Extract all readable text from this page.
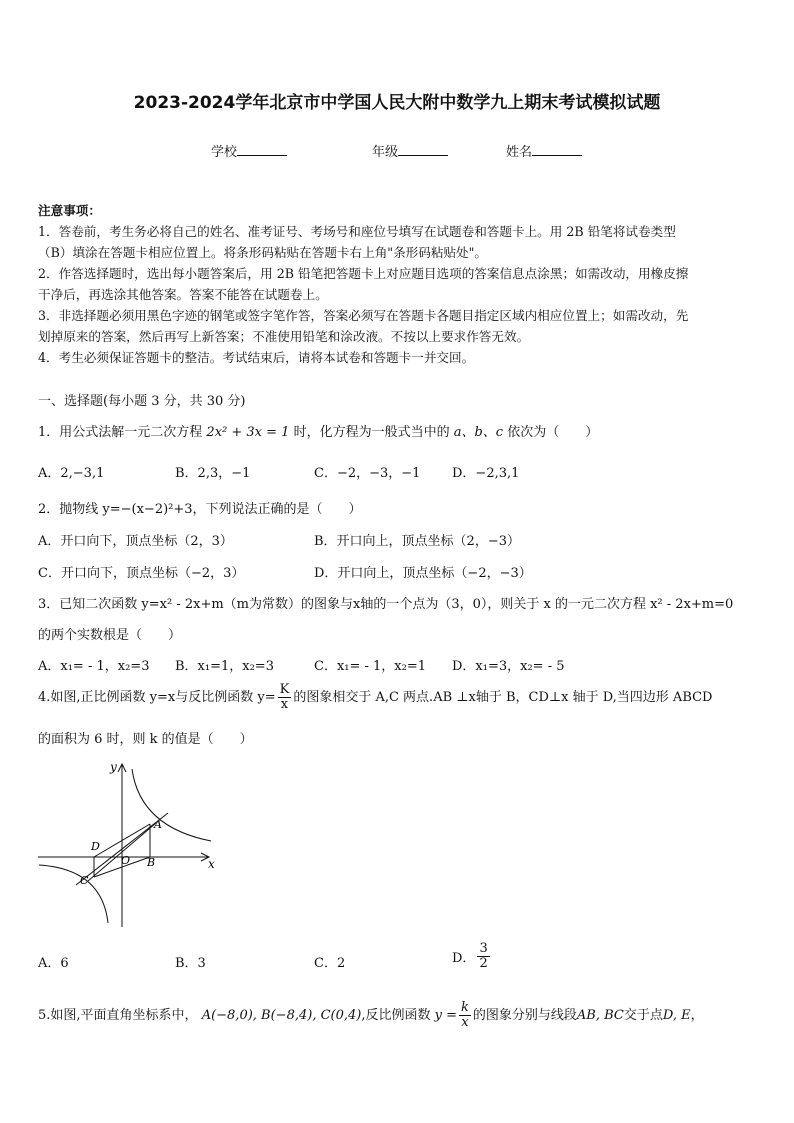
2023-2024学年北京市中学国人民大附中数学九上期末考试模拟试题
学校	年级	姓名
注意事项：
1．答卷前，考生务必将自己的姓名、准考证号、考场号和座位号填写在试题卷和答题卡上。用 2B 铅笔将试卷类型
（B）填涂在答题卡相应位置上。将条形码粘贴在答题卡右上角"条形码粘贴处"。
2．作答选择题时，选出每小题答案后，用 2B 铅笔把答题卡上对应题目选项的答案信息点涂黑；如需改动，用橡皮擦
干净后，再选涂其他答案。答案不能答在试题卷上。
3．非选择题必须用黑色字迹的钢笔或签字笔作答，答案必须写在答题卡各题目指定区域内相应位置上；如需改动，先
划掉原来的答案，然后再写上新答案；不准使用铅笔和涂改液。不按以上要求作答无效。
4．考生必须保证答题卡的整洁。考试结束后，请将本试卷和答题卡一并交回。
一、选择题(每小题 3 分，共 30 分)
1．用公式法解一元二次方程 2x² + 3x = 1 时，化方程为一般式当中的 a、b、c 依次为（　　）
A．2,−3,1	B．2,3，−1	C．−2，−3，−1 D．−2,3,1
2．抛物线 y=−(x−2)²+3，下列说法正确的是（　　）
A．开口向下，顶点坐标（2，3）	B．开口向上，顶点坐标（2，−3）
C．开口向下，顶点坐标（−2，3）	D．开口向上，顶点坐标（−2，−3）
3．已知二次函数 y=x² - 2x+m（m为常数）的图象与x轴的一个点为（3，0），则关于 x 的一元二次方程 x² - 2x+m=0
的两个实数根是（　　）
A．x₁= - 1，x₂=3 B．x₁=1，x₂=3	C．x₁= - 1，x₂=1 D．x₁=3，x₂= - 5
4.如图,正比例函数 y=x与反比例函数 $y= \frac{K}{x}$ 的图象相交于 A,C 两点.AB ⊥x轴于 B，CD⊥x 轴于 D,当四边形 ABCD
的面积为 6 时，则 k 的值是（　　）
y
x
A
B
C
D
O
A．6	B．3	C．2	D． $\frac{3}{2}$
5.如图,平面直角坐标系中， A(−8,0), B(−8,4), C(0,4),反比例函数 $y = \frac{k}{x}$ 的图象分别与线段AB, BC交于点D, E，
